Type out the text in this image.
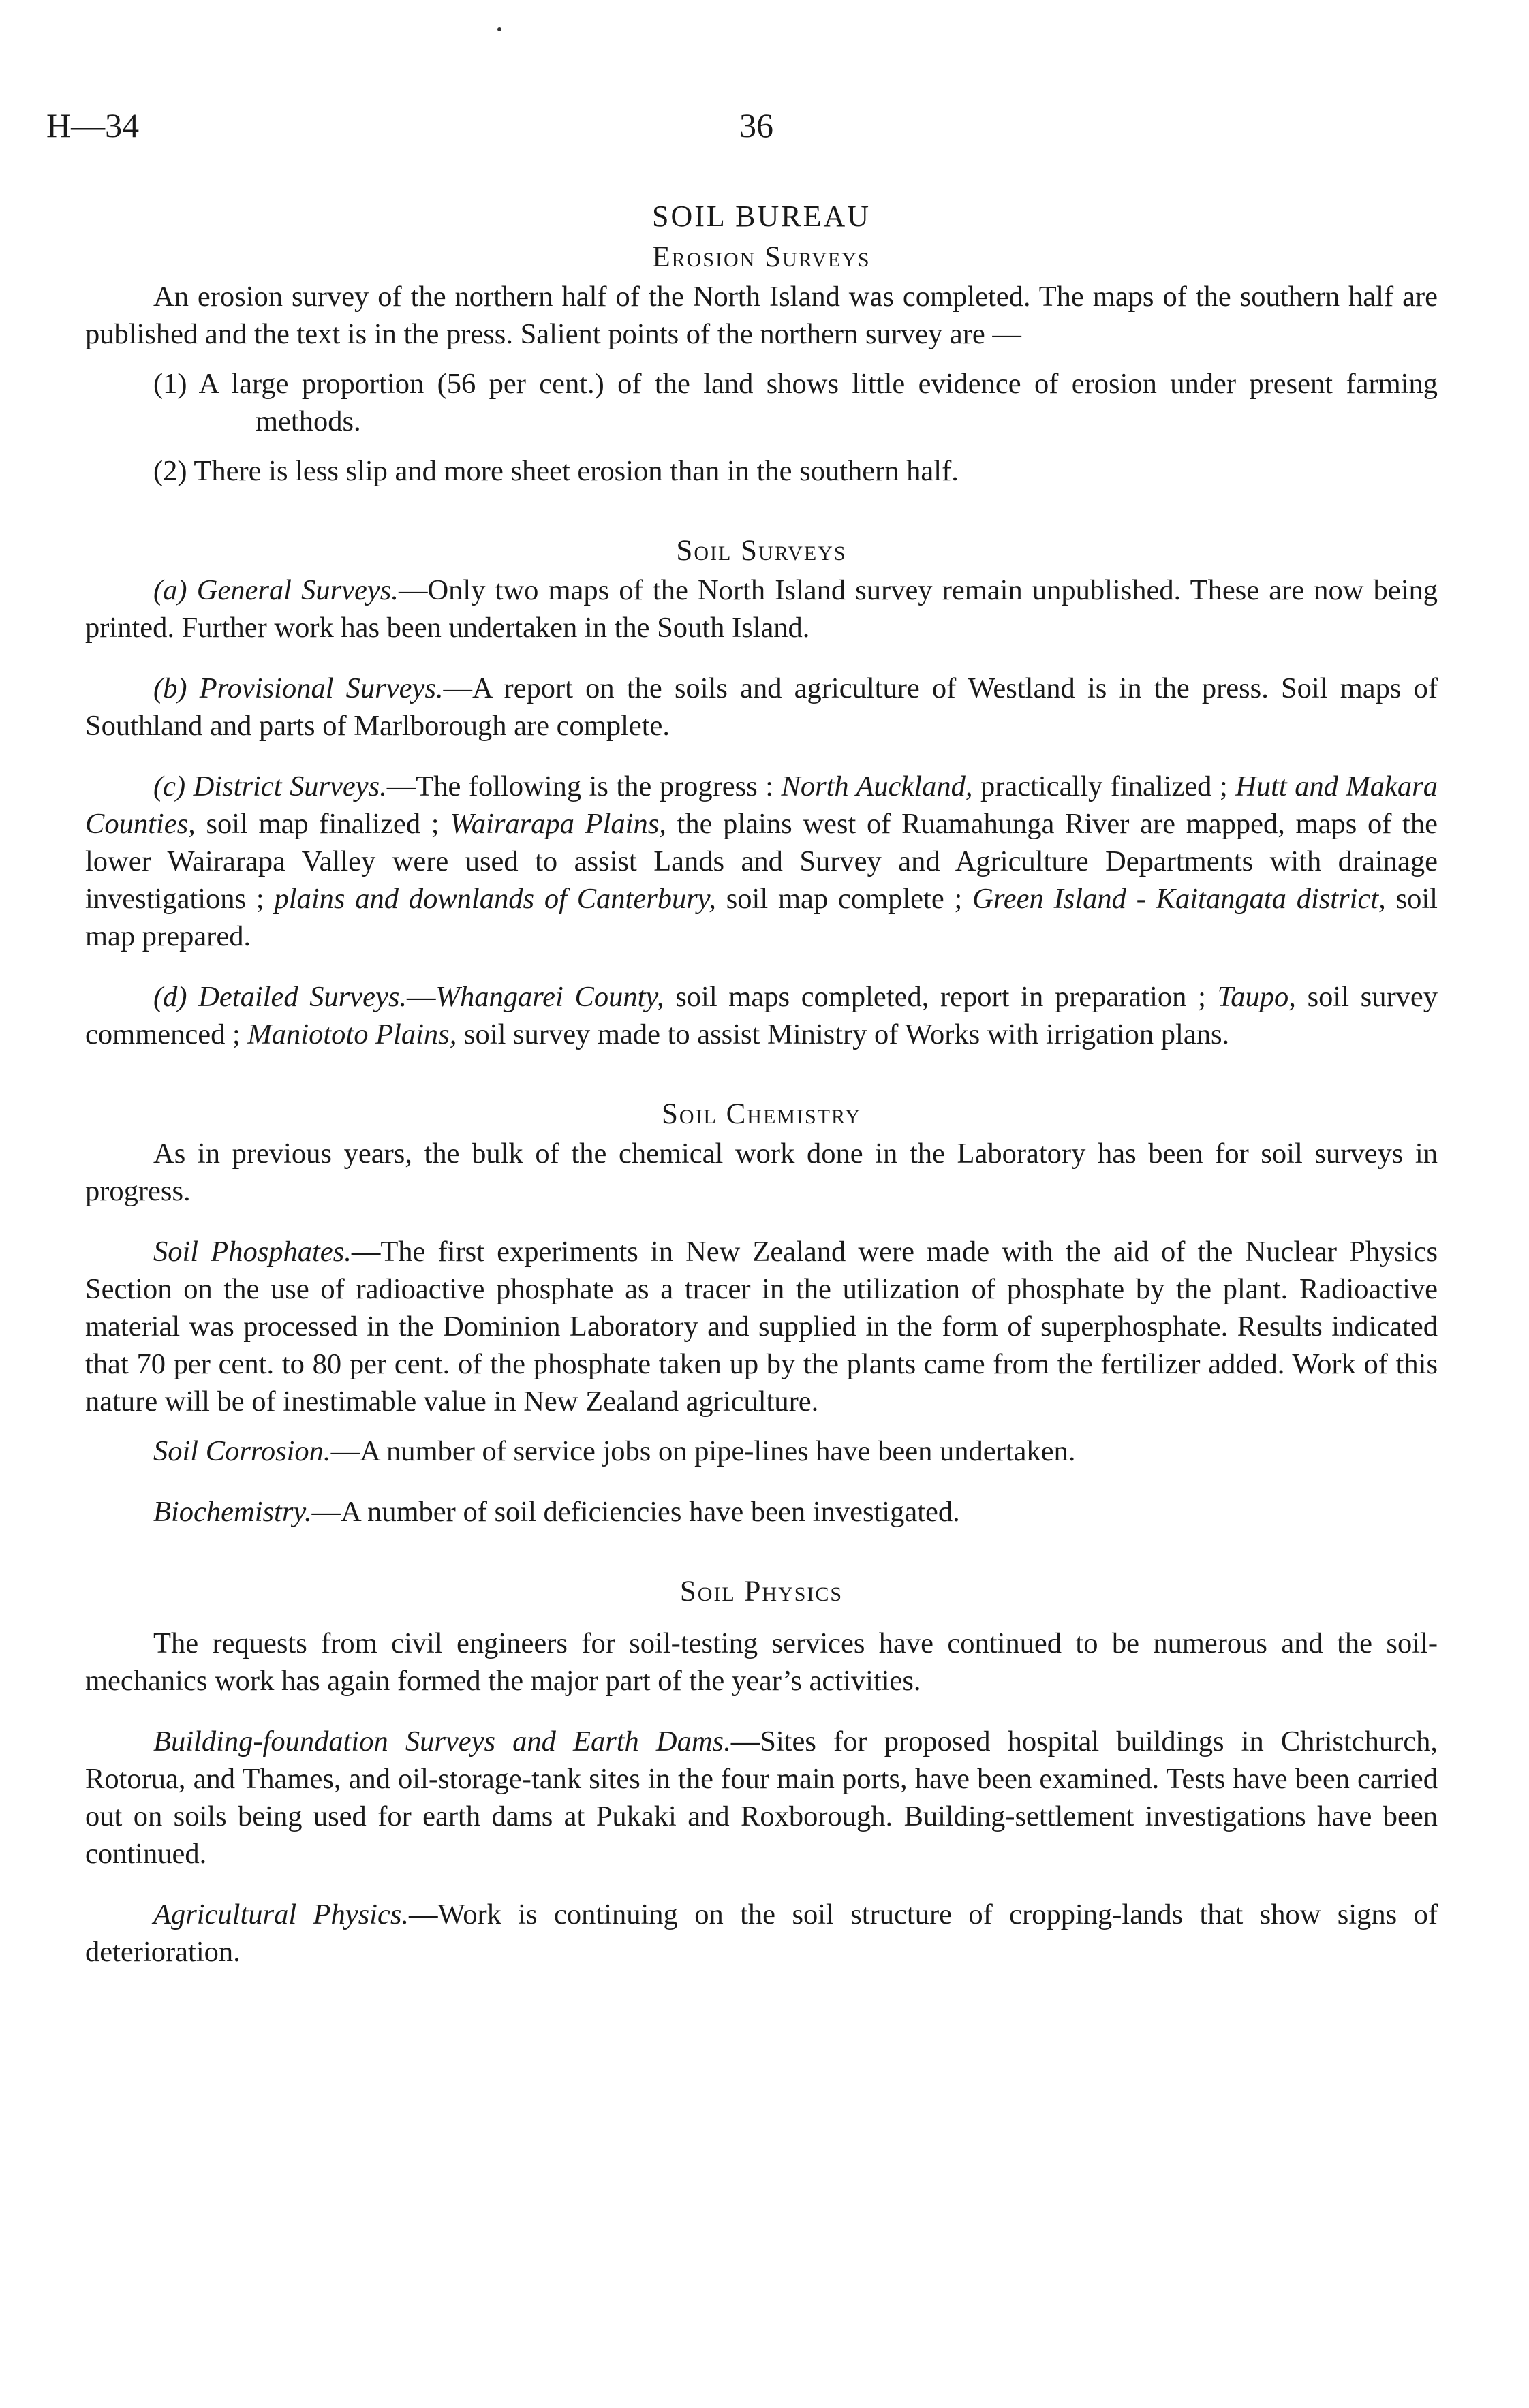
H—34	36

SOIL BUREAU

Erosion Surveys

An erosion survey of the northern half of the North Island was completed. The maps of the southern half are published and the text is in the press. Salient points of the northern survey are —

(1) A large proportion (56 per cent.) of the land shows little evidence of erosion under present farming methods.

(2) There is less slip and more sheet erosion than in the southern half.

Soil Surveys

(a) General Surveys.—Only two maps of the North Island survey remain unpublished. These are now being printed. Further work has been undertaken in the South Island.

(b) Provisional Surveys.—A report on the soils and agriculture of Westland is in the press. Soil maps of Southland and parts of Marlborough are complete.

(c) District Surveys.—The following is the progress : North Auckland, practically finalized ; Hutt and Makara Counties, soil map finalized ; Wairarapa Plains, the plains west of Ruamahunga River are mapped, maps of the lower Wairarapa Valley were used to assist Lands and Survey and Agriculture Departments with drainage investigations ; plains and downlands of Canterbury, soil map complete ; Green Island - Kaitangata district, soil map prepared.

(d) Detailed Surveys.—Whangarei County, soil maps completed, report in preparation ; Taupo, soil survey commenced ; Maniototo Plains, soil survey made to assist Ministry of Works with irrigation plans.

Soil Chemistry

As in previous years, the bulk of the chemical work done in the Laboratory has been for soil surveys in progress.

Soil Phosphates.—The first experiments in New Zealand were made with the aid of the Nuclear Physics Section on the use of radioactive phosphate as a tracer in the utilization of phosphate by the plant. Radioactive material was processed in the Dominion Laboratory and supplied in the form of superphosphate. Results indicated that 70 per cent. to 80 per cent. of the phosphate taken up by the plants came from the fertilizer added. Work of this nature will be of inestimable value in New Zealand agriculture.

Soil Corrosion.—A number of service jobs on pipe-lines have been undertaken.

Biochemistry.—A number of soil deficiencies have been investigated.

Soil Physics

The requests from civil engineers for soil-testing services have continued to be numerous and the soil-mechanics work has again formed the major part of the year’s activities.

Building-foundation Surveys and Earth Dams.—Sites for proposed hospital buildings in Christchurch, Rotorua, and Thames, and oil-storage-tank sites in the four main ports, have been examined. Tests have been carried out on soils being used for earth dams at Pukaki and Roxborough. Building-settlement investigations have been continued.

Agricultural Physics.—Work is continuing on the soil structure of cropping-lands that show signs of deterioration.
